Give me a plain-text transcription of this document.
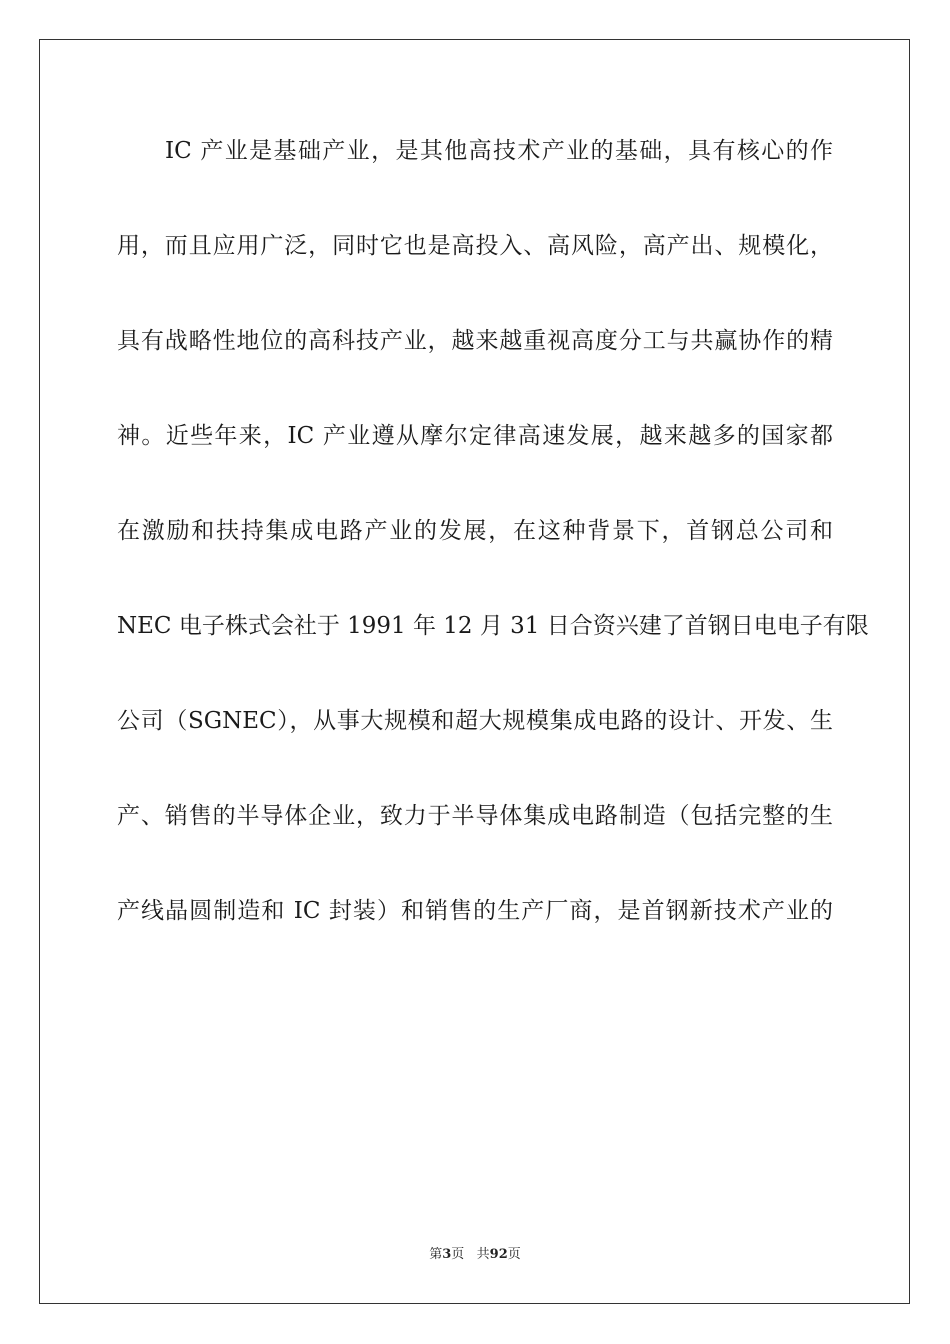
IC 产业是基础产业，是其他高技术产业的基础，具有核心的作
用，而且应用广泛，同时它也是高投入、高风险，高产出、规模化，
具有战略性地位的高科技产业，越来越重视高度分工与共赢协作的精
神。近些年来，IC 产业遵从摩尔定律高速发展，越来越多的国家都
在激励和扶持集成电路产业的发展，在这种背景下，首钢总公司和
NEC 电子株式会社于 1991 年 12 月 31 日合资兴建了首钢日电电子有限
公司（SGNEC），从事大规模和超大规模集成电路的设计、开发、生
产、销售的半导体企业，致力于半导体集成电路制造（包括完整的生
产线晶圆制造和 IC 封装）和销售的生产厂商，是首钢新技术产业的
第3页   共92页
